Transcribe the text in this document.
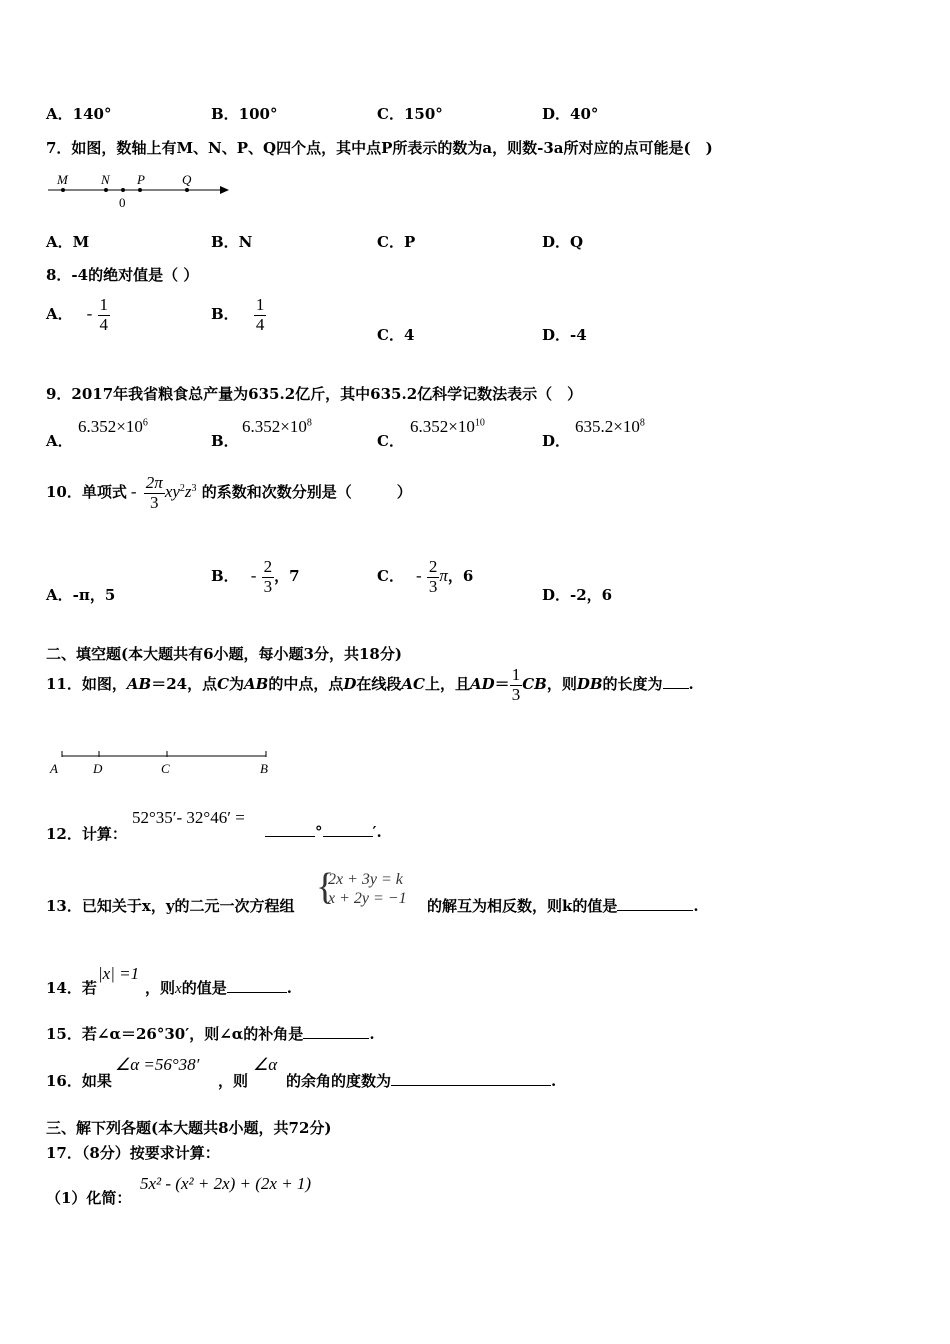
A．140°	B．100°	C．150°	D．40°
7．如图，数轴上有M、N、P、Q四个点，其中点P所表示的数为a，则数-3a所对应的点可能是(　)
M	N P	Q
0
A．M	B．N	C．P	D．Q
8．-4的绝对值是（ ）
A． - $\frac{1}{4}$	B． $\frac{1}{4}$
C．4	D．-4
9．2017年我省粮食总产量为635.2亿斤，其中635.2亿科学记数法表示（　）
A．
$6.352\times 10^6$
B．
$6.352\times 10^8$
C．
$6.352\times 10^{10}$
D．
$635.2\times 10^8$
10．单项式 - $\frac{2\pi}{3} xy^2z^3$ 的系数和次数分别是（　　　）
A．-π，5
B． - $\frac{2}{3}$ ，7	C． - $\frac{2}{3}$ π，6
D．-2，6
二、填空题(本大题共有6小题，每小题3分，共18分)
11．如图，AB＝24，点C为AB的中点，点D在线段AC上，且$AD= \frac{1}{3}$ CB，则DB的长度为 .
A	D	C	B
12．计算：
52°35′- 32°46′ =
°	′.
13．已知关于x，y的二元一次方程组 {
2x + 3y = k
x + 2y = −1 的解互为相反数，则k的值是	.
14．若
|x| =1
，则x的值是	.
15．若∠α＝26°30′，则∠α的补角是	.
16．如果
∠α =56°38′
，则
∠α
的余角的度数为	.
三、解下列各题(本大题共8小题，共72分)
17．（8分）按要求计算：
（1）化简：
5x² - (x² + 2x) + (2x + 1)
